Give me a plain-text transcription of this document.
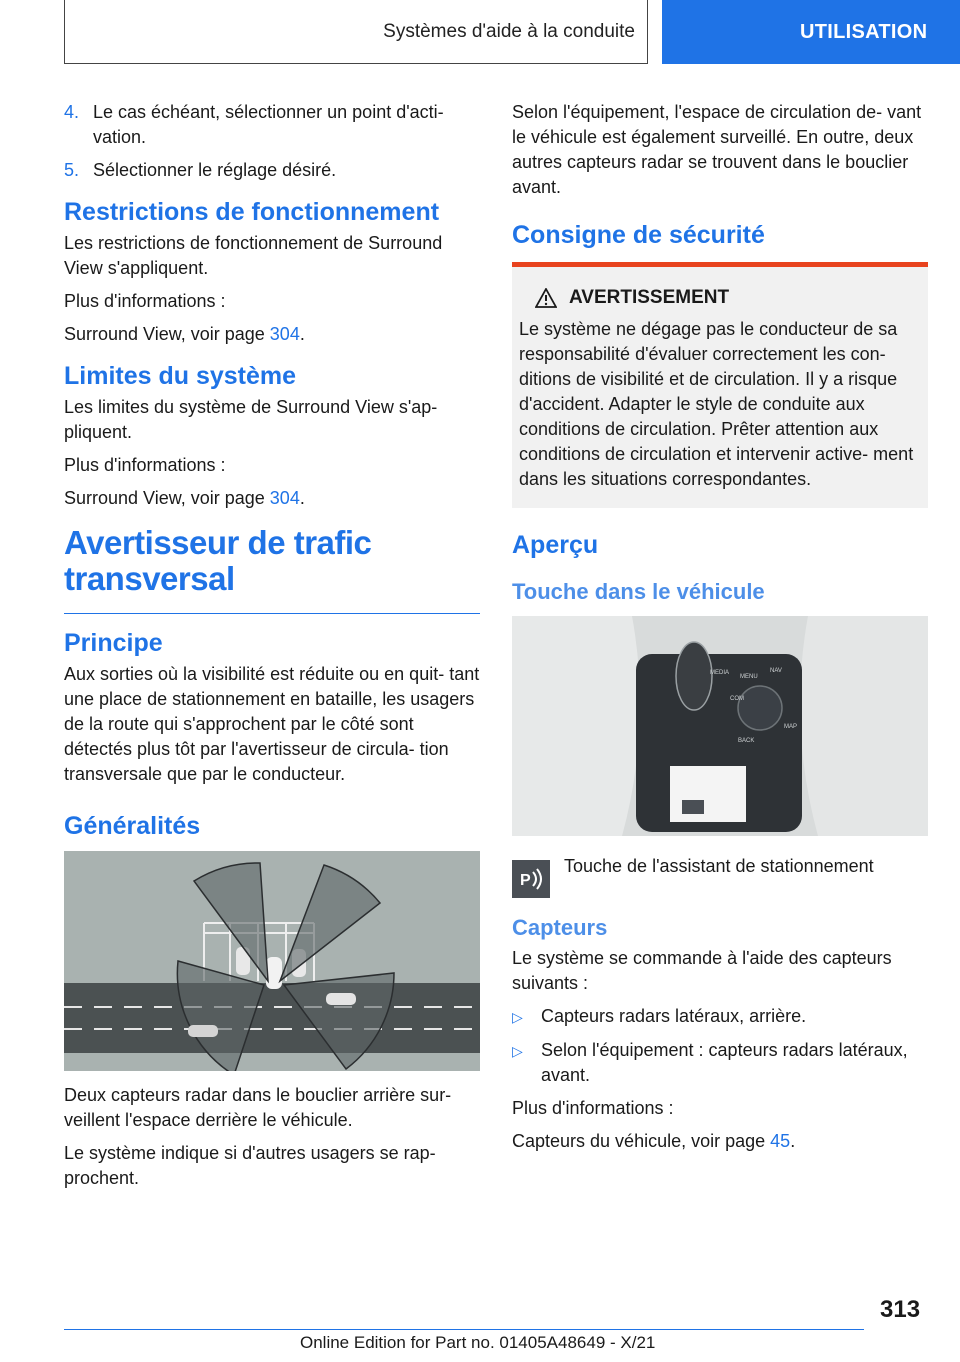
Systèmes d'aide à la conduite	UTILISATION
4. Le cas échéant, sélectionner un point d'acti‐ vation.
5. Sélectionner le réglage désiré.
Restrictions de fonctionnement

Les restrictions de fonctionnement de Surround View s'appliquent.

Plus d'informations :

Surround View, voir page 304.

Limites du système

Les limites du système de Surround View s'ap‐ pliquent.

Plus d'informations :

Surround View, voir page 304.

Avertisseur de trafic
transversal
Principe

Aux sorties où la visibilité est réduite ou en quit‐ tant une place de stationnement en bataille, les usagers de la route qui s'approchent par le côté sont détectés plus tôt par l'avertisseur de circula‐ tion transversale que par le conducteur.

Généralités

Deux capteurs radar dans le bouclier arrière sur‐ veillent l'espace derrière le véhicule.

Le système indique si d'autres usagers se rap‐ prochent.

Selon l'équipement, l'espace de circulation de‐ vant le véhicule est également surveillé. En outre, deux autres capteurs radar se trouvent dans le bouclier avant.

Consigne de sécurité
AVERTISSEMENT

Le système ne dégage pas le conducteur de sa responsabilité d'évaluer correctement les con‐ ditions de visibilité et de circulation. Il y a risque d'accident. Adapter le style de conduite aux conditions de circulation. Prêter attention aux conditions de circulation et intervenir active‐ ment dans les situations correspondantes.

Aperçu
Touche dans le véhicule
MENU
BACK
COM
NAV
MEDIA
MAP
P

Touche de l'assistant de stationnement

Capteurs

Le système se commande à l'aide des capteurs suivants :

▷	Capteurs radars latéraux, arrière.
▷	Selon l'équipement : capteurs radars latéraux, avant.

Plus d'informations :

Capteurs du véhicule, voir page 45.

313
Online Edition for Part no. 01405A48649 - X/21
